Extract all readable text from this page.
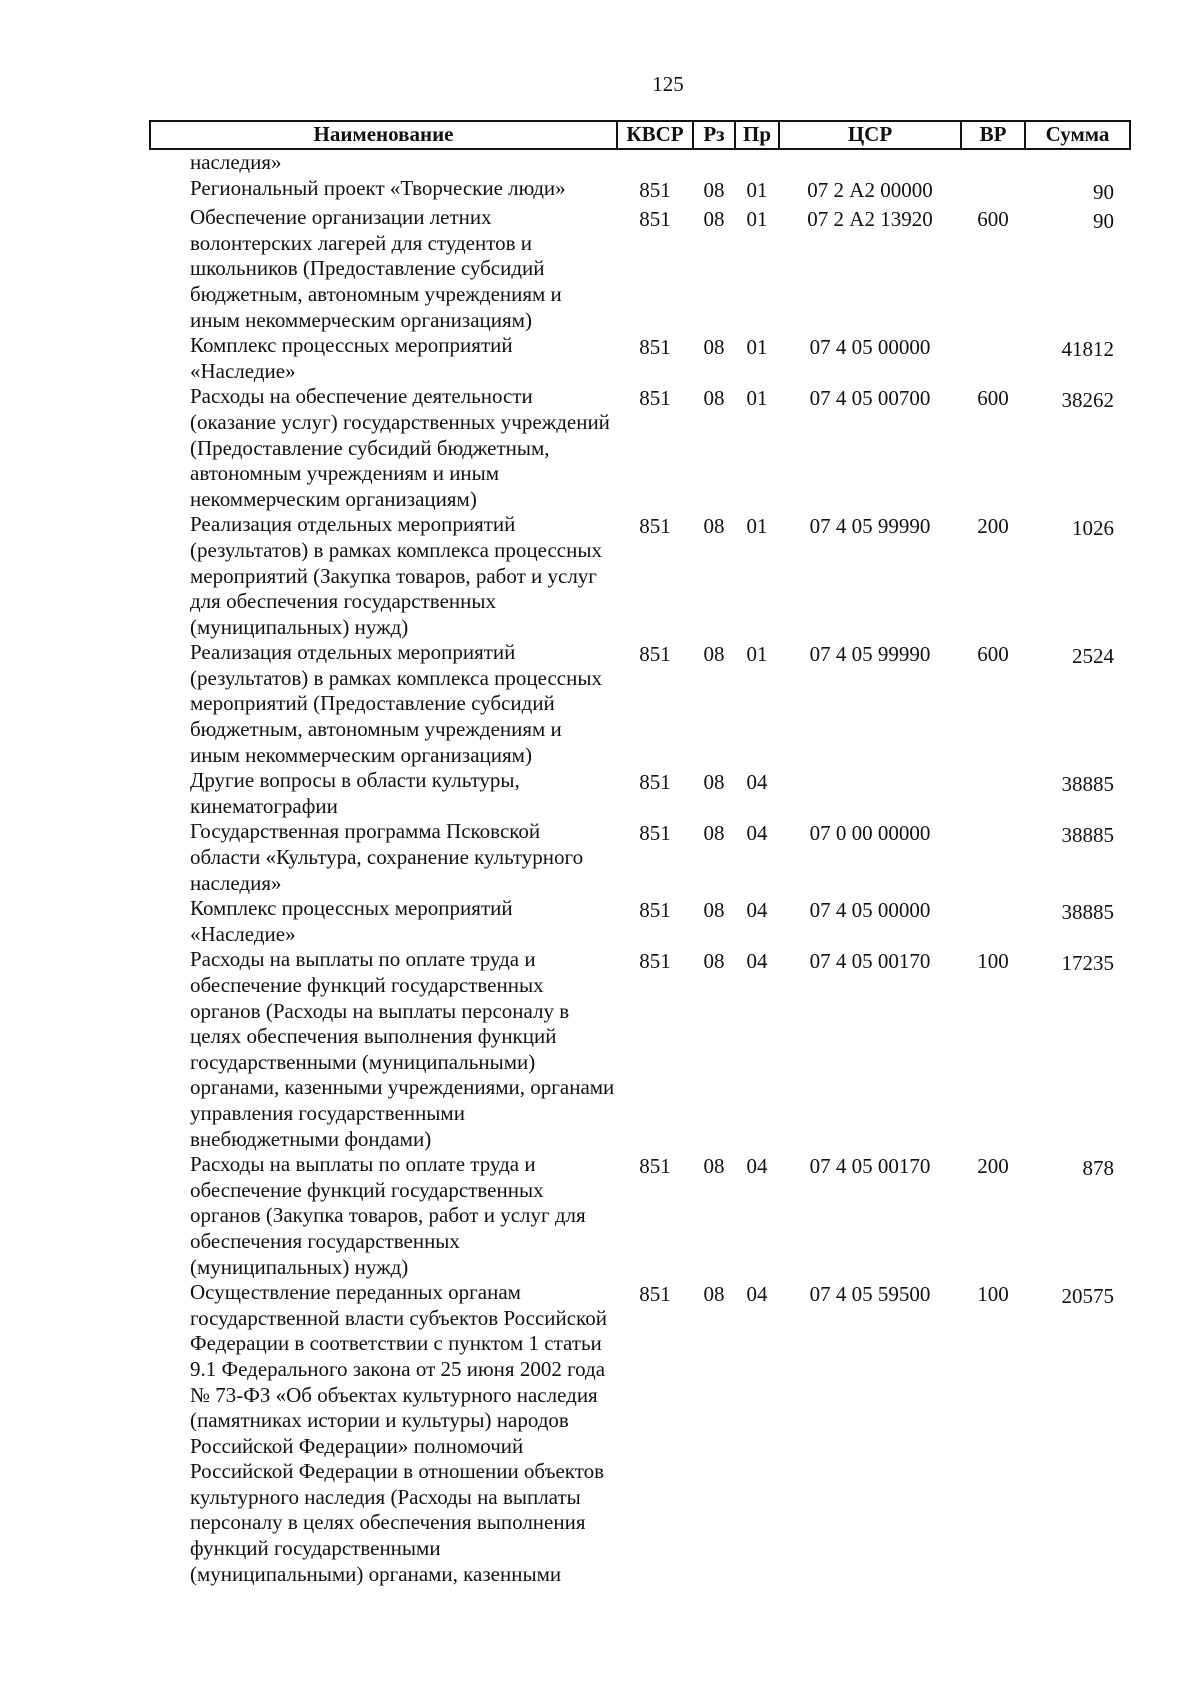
125
Наименование	КВСР	Рз	Пр	ЦСР	ВР	Сумма
наследия»						
Региональный проект «Творческие люди»	851	08	01	07 2 А2 00000		90
Обеспечение организации летних волонтерских лагерей для студентов и школьников (Предоставление субсидий бюджетным, автономным учреждениям и иным некоммерческим организациям)	851	08	01	07 2 А2 13920	600	90
Комплекс процессных мероприятий «Наследие»	851	08	01	07 4 05 00000		41812
Расходы на обеспечение деятельности (оказание услуг) государственных учреждений (Предоставление субсидий бюджетным, автономным учреждениям и иным некоммерческим организациям)	851	08	01	07 4 05 00700	600	38262
Реализация отдельных мероприятий (результатов) в рамках комплекса процессных мероприятий (Закупка товаров, работ и услуг для обеспечения государственных (муниципальных) нужд)	851	08	01	07 4 05 99990	200	1026
Реализация отдельных мероприятий (результатов) в рамках комплекса процессных мероприятий (Предоставление субсидий бюджетным, автономным учреждениям и иным некоммерческим организациям)	851	08	01	07 4 05 99990	600	2524
Другие вопросы в области культуры, кинематографии	851	08	04			38885
Государственная программа Псковской области «Культура, сохранение культурного наследия»	851	08	04	07 0 00 00000		38885
Комплекс процессных мероприятий «Наследие»	851	08	04	07 4 05 00000		38885
Расходы на выплаты по оплате труда и обеспечение функций государственных органов (Расходы на выплаты персоналу в целях обеспечения выполнения функций государственными (муниципальными) органами, казенными учреждениями, органами управления государственными внебюджетными фондами)	851	08	04	07 4 05 00170	100	17235
Расходы на выплаты по оплате труда и обеспечение функций государственных органов (Закупка товаров, работ и услуг для обеспечения государственных (муниципальных) нужд)	851	08	04	07 4 05 00170	200	878
Осуществление переданных органам государственной власти субъектов Российской Федерации в соответствии с пунктом 1 статьи 9.1 Федерального закона от 25 июня 2002 года № 73-ФЗ «Об объектах культурного наследия (памятниках истории и культуры) народов Российской Федерации» полномочий Российской Федерации в отношении объектов культурного наследия (Расходы на выплаты персоналу в целях обеспечения выполнения функций государственными (муниципальными) органами, казенными	851	08	04	07 4 05 59500	100	20575
